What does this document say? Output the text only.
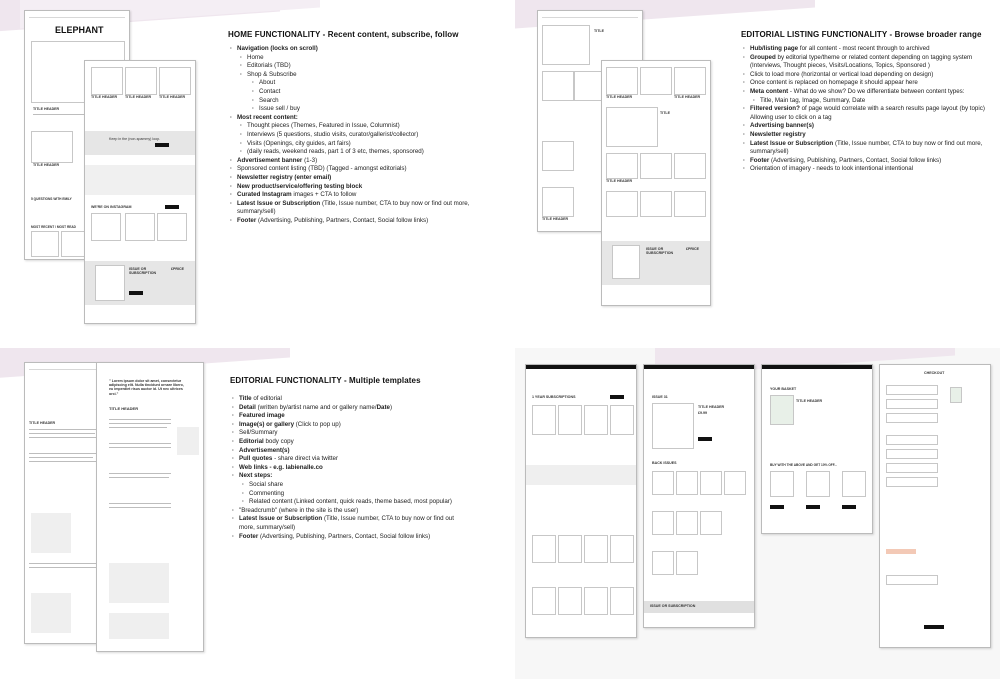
ELEPHANT
TITLE HEADER
TITLE HEADER
5 QUESTIONS WITH EMILY
MOST RECENT / MOST READ
TITLE HEADER TITLE HEADER TITLE HEADER
Keep in the (non-spammy) loop.
WE'RE ON INSTAGRAM
ISSUE OR SUBSCRIPTION
£PRICE
HOME FUNCTIONALITY - Recent content, subscribe, follow
· Navigation (locks on scroll)
· Home
· Editorials (TBD)
· Shop & Subscribe
· About
· Contact
· Search
· Issue sell / buy
· Most recent content:
· Thought pieces (Themes, Featured in Issue, Columnist)
· Interviews (5 questions, studio visits, curator/gallerist/collector)
· Visits (Openings, city guides, art fairs)
· (daily reads, weekend reads, part 1 of 3 etc, themes, sponsored)
· Advertisement banner (1-3)
· Sponsored content listing (TBD) (Tagged - amongst editorials)
· Newsletter registry (enter email)
· New product/service/offering testing block
· Curated Instagram images + CTA to follow
· Latest Issue or Subscription (Title, Issue number, CTA to buy now or find out more, summary/sell)
· Footer (Advertising, Publishing, Partners, Contact, Social follow links)
TITLE
TITLE HEADER
TITLE HEADER	TITLE HEADER
TITLE
TITLE HEADER
ISSUE OR SUBSCRIPTION
£PRICE
EDITORIAL LISTING FUNCTIONALITY - Browse broader range
· Hub/listing page for all content - most recent through to archived
· Grouped by editorial type/theme or related content depending on tagging system (Interviews, Thought pieces, Visits/Locations, Topics, Sponsored )
· Click to load more (horizontal or vertical load depending on design)
· Once content is replaced on homepage it should appear here
· Meta content - What do we show? Do we differentiate between content types:
· Title, Main tag, Image, Summary, Date
· Filtered version? of page would correlate with a search results page layout (by topic) Allowing user to click on a tag
· Advertising banner(s)
· Newsletter registry
· Latest Issue or Subscription (Title, Issue number, CTA to buy now or find out more, summary/sell)
· Footer (Advertising, Publishing, Partners, Contact, Social follow links)
· Orientation of imagery - needs to look intentional intentional
TITLE HEADER
" Lorem ipsum dolor sit amet, consectetur adipiscing elit. Nulla tincidunt ornare libero, eu imperdiet risus auctor id. Ut nec ultrices orci."
TITLE HEADER
EDITORIAL FUNCTIONALITY - Multiple templates
· Title of editorial
· Detail (written by/artist name and or gallery name/Date)
· Featured image
· Image(s) or gallery (Click to pop up)
· Sell/Summary
· Editorial body copy
· Advertisement(s)
· Pull quotes - share direct via twitter
· Web links - e.g. labienalle.co
· Next steps:
· Social share
· Commenting
· Related content (Linked content, quick reads, theme based, most popular)
· "Breadcrumb" (where in the site is the user)
· Latest Issue or Subscription (Title, Issue number, CTA to buy now or find out more, summary/sell)
· Footer (Advertising, Publishing, Partners, Contact, Social follow links)
1 YEAR SUBSCRIPTIONS	ISSUE 31
TITLE HEADER
£9.99
BACK ISSUES
ISSUE OR SUBSCRIPTION
YOUR BASKET
TITLE HEADER
BUY WITH THE ABOVE AND GET 10% OFF...
CHECKOUT
